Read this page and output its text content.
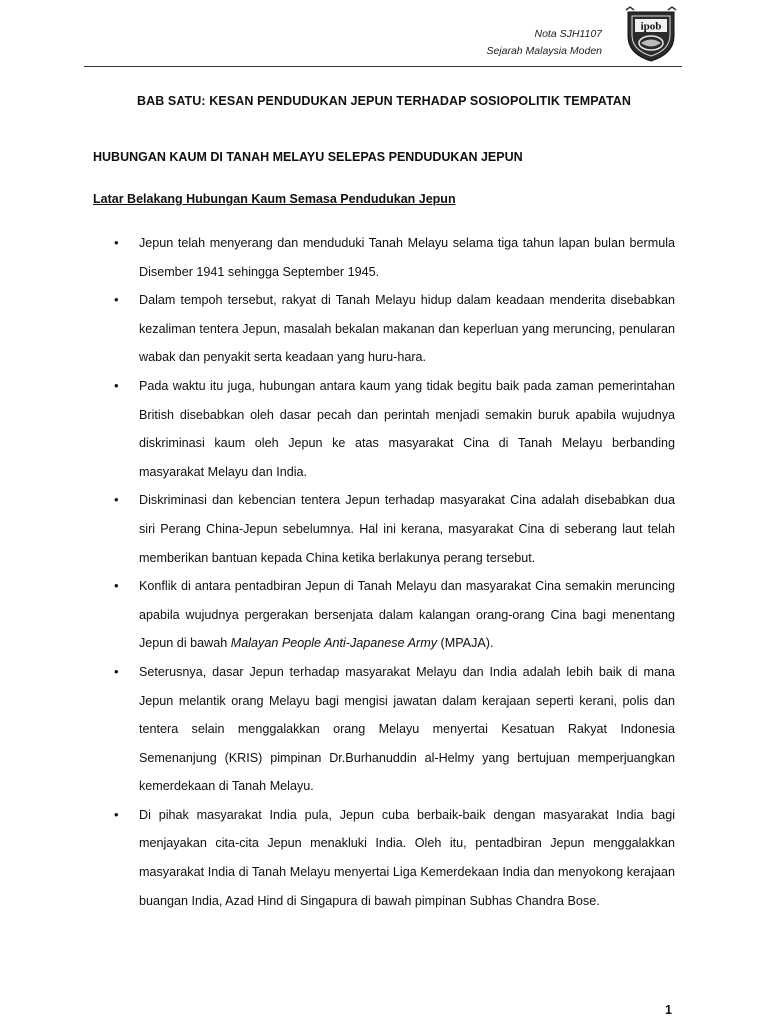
Nota SJH1107
Sejarah Malaysia Moden
ipob
BAB SATU: KESAN PENDUDUKAN JEPUN TERHADAP SOSIOPOLITIK TEMPATAN
HUBUNGAN KAUM DI TANAH MELAYU SELEPAS PENDUDUKAN JEPUN
Latar Belakang Hubungan Kaum Semasa Pendudukan Jepun
• Jepun telah menyerang dan menduduki Tanah Melayu selama tiga tahun lapan bulan bermula Disember 1941 sehingga September 1945.
• Dalam tempoh tersebut, rakyat di Tanah Melayu hidup dalam keadaan menderita disebabkan kezaliman tentera Jepun, masalah bekalan makanan dan keperluan yang meruncing, penularan wabak dan penyakit serta keadaan yang huru-hara.
• Pada waktu itu juga, hubungan antara kaum yang tidak begitu baik pada zaman pemerintahan British disebabkan oleh dasar pecah dan perintah menjadi semakin buruk apabila wujudnya diskriminasi kaum oleh Jepun ke atas masyarakat Cina di Tanah Melayu berbanding masyarakat Melayu dan India.
• Diskriminasi dan kebencian tentera Jepun terhadap masyarakat Cina adalah disebabkan dua siri Perang China-Jepun sebelumnya. Hal ini kerana, masyarakat Cina di seberang laut telah memberikan bantuan kepada China ketika berlakunya perang tersebut.
• Konflik di antara pentadbiran Jepun di Tanah Melayu dan masyarakat Cina semakin meruncing apabila wujudnya pergerakan bersenjata dalam kalangan orang-orang Cina bagi menentang Jepun di bawah Malayan People Anti-Japanese Army (MPAJA).
• Seterusnya, dasar Jepun terhadap masyarakat Melayu dan India adalah lebih baik di mana Jepun melantik orang Melayu bagi mengisi jawatan dalam kerajaan seperti kerani, polis dan tentera selain menggalakkan orang Melayu menyertai Kesatuan Rakyat Indonesia Semenanjung (KRIS) pimpinan Dr.Burhanuddin al-Helmy yang bertujuan memperjuangkan kemerdekaan di Tanah Melayu.
• Di pihak masyarakat India pula, Jepun cuba berbaik-baik dengan masyarakat India bagi menjayakan cita-cita Jepun menakluki India. Oleh itu, pentadbiran Jepun menggalakkan masyarakat India di Tanah Melayu menyertai Liga Kemerdekaan India dan menyokong kerajaan buangan India, Azad Hind di Singapura di bawah pimpinan Subhas Chandra Bose.
1
